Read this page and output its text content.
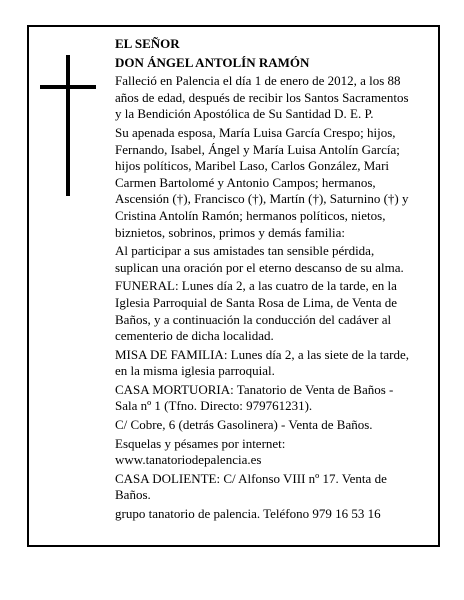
EL SEÑOR

DON ÁNGEL ANTOLÍN RAMÓN

Falleció en Palencia el día 1 de enero de 2012, a los 88 años de edad, después de recibir los Santos Sacramentos y la Bendición Apostólica de Su Santidad D. E. P.

Su apenada esposa, María Luisa García Crespo; hijos, Fernando, Isabel, Ángel y María Luisa Antolín García; hijos políticos, Maribel Laso, Carlos González, Mari Carmen Bartolomé y Antonio Campos; hermanos, Ascensión (†), Francisco (†), Martín (†), Saturnino (†) y Cristina Antolín Ramón; hermanos políticos, nietos, biznietos, sobrinos, primos y demás familia:

Al participar a sus amistades tan sensible pérdida, suplican una oración por el eterno descanso de su alma.

FUNERAL: Lunes día 2, a las cuatro de la tarde, en la Iglesia Parroquial de Santa Rosa de Lima, de Venta de Baños, y a continuación la conducción del cadáver al cementerio de dicha localidad.

MISA DE FAMILIA: Lunes día 2, a las siete de la tarde, en la misma iglesia parroquial.

CASA MORTUORIA: Tanatorio de Venta de Baños - Sala nº 1 (Tfno. Directo: 979761231).

C/ Cobre, 6 (detrás Gasolinera) - Venta de Baños.

Esquelas y pésames por internet: www.tanatoriodepalencia.es

CASA DOLIENTE: C/ Alfonso VIII nº 17. Venta de Baños.

grupo tanatorio de palencia. Teléfono 979 16 53 16
